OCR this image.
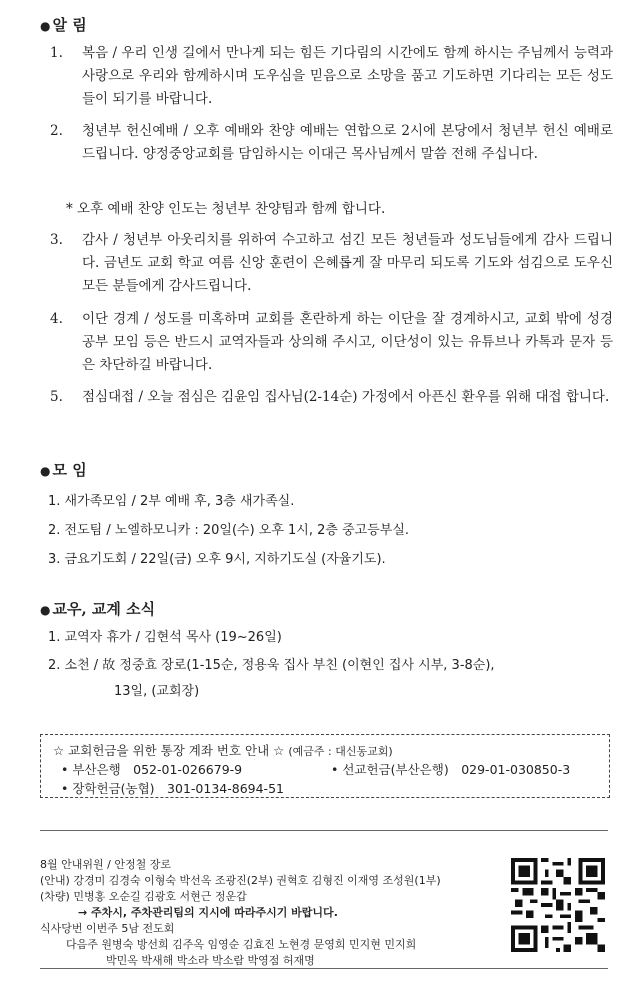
● 알 림
1. 복음 / 우리 인생 길에서 만나게 되는 힘든 기다림의 시간에도 함께 하시는 주님께서 능력과 사랑으로 우리와 함께하시며 도우심을 믿음으로 소망을 품고 기도하면 기다리는 모든 성도들이 되기를 바랍니다.
2. 청년부 헌신예배 / 오후 예배와 찬양 예배는 연합으로 2시에 본당에서 청년부 헌신 예배로 드립니다. 양정중앙교회를 담임하시는 이대근 목사님께서 말씀 전해 주십니다.
* 오후 예배 찬양 인도는 청년부 찬양팀과 함께 합니다.
3. 감사 / 청년부 아웃리치를 위하여 수고하고 섬긴 모든 청년들과 성도님들에게 감사 드립니다. 금년도 교회 학교 여름 신앙 훈련이 은혜롭게 잘 마무리 되도록 기도와 섬김으로 도우신 모든 분들에게 감사드립니다.
4. 이단 경계 / 성도를 미혹하며 교회를 혼란하게 하는 이단을 잘 경계하시고, 교회 밖에 성경 공부 모임 등은 반드시 교역자들과 상의해 주시고, 이단성이 있는 유튜브나 카톡과 문자 등은 차단하길 바랍니다.
5. 점심대접 / 오늘 점심은 김윤임 집사님(2-14순) 가정에서 아픈신 환우를 위해 대접 합니다.
● 모 임
1. 새가족모임 / 2부 예배 후, 3층 새가족실.
2. 전도팀 / 노엘하모니카 : 20일(수) 오후 1시, 2층 중고등부실.
3. 금요기도회 / 22일(금) 오후 9시, 지하기도실 (자율기도).
● 교우, 교계 소식
1. 교역자 휴가 / 김현석 목사 (19~26일)
2. 소천 / 故 정중효 장로(1-15순, 정용욱 집사 부친 (이현인 집사 시부, 3-8순),
13일, (교회장)
☆ 교회헌금을 위한 통장 계좌 번호 안내 ☆ (예금주 : 대신동교회)
• 부산은행　052-01-026679-9	• 선교헌금(부산은행)　029-01-030850-3
• 장학헌금(농협)　301-0134-8694-51
8월 안내위원 / 안정철 장로
(안내) 강경미 김경숙 이형숙 박선옥 조광진(2부) 권혁호 김형진 이재영 조성원(1부)
(차량) 민병홍 오순길 김광호 서현근 정운갑
→ 주차시, 주차관리팀의 지시에 따라주시기 바랍니다.
식사당번 이번주 5남 전도회
다음주 원병숙 방선희 김주옥 임영순 김효진 노현경 문영희 민지현 민지희
박민옥 박새해 박소라 박소람 박영점 허재명
